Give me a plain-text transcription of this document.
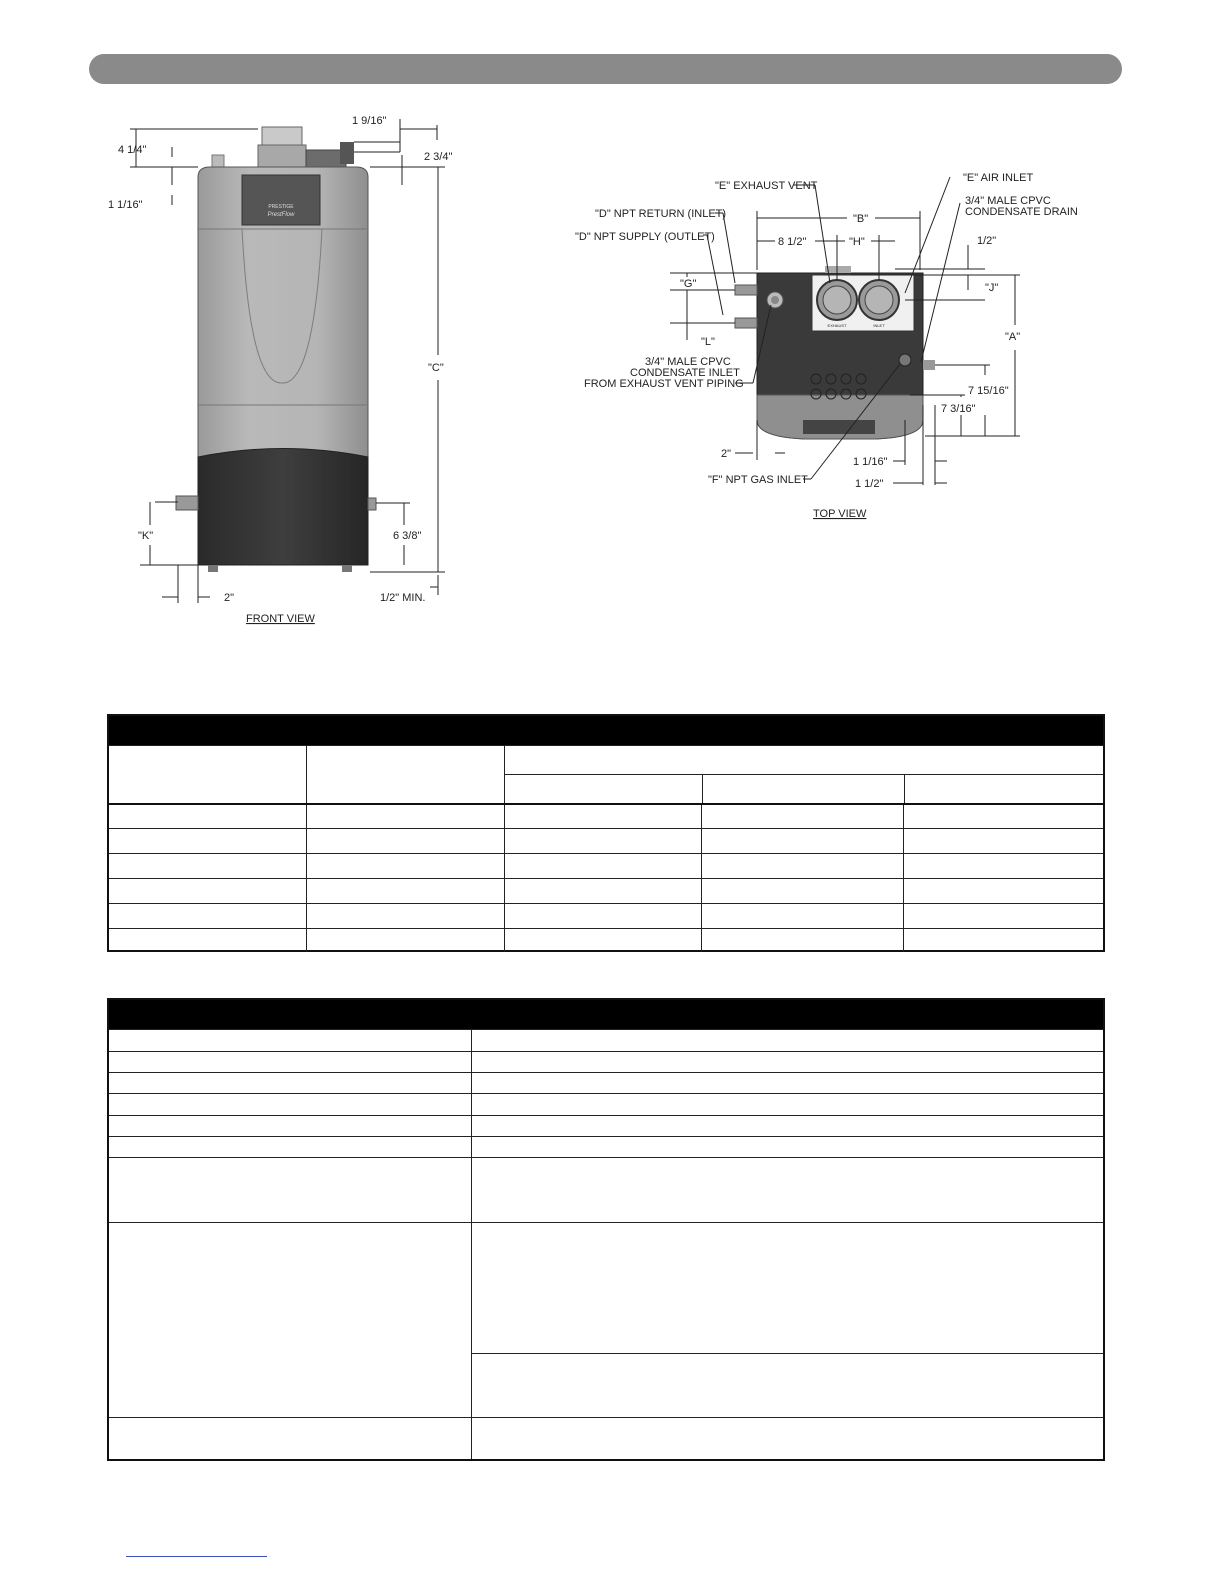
PRESTIGE
PrestFlow
4 1/4"
1 1/16"
1 9/16"
2 3/4"
"C"
"K"	6 3/8"
2"	1/2" MIN.
FRONT VIEW
EXHAUST	INLET
"E" EXHAUST VENT
"E" AIR INLET
3/4" MALE CPVC
CONDENSATE DRAIN
"D" NPT RETURN (INLET)
"D" NPT SUPPLY (OUTLET)
3/4" MALE CPVC
CONDENSATE INLET
FROM EXHAUST VENT PIPING
"F" NPT GAS INLET
"B"
8 1/2"	"H"	1/2"
"G"	"J"
"L"	"A"
7 15/16"
7 3/16"
2"
1 1/16"
1 1/2"
TOP VIEW
